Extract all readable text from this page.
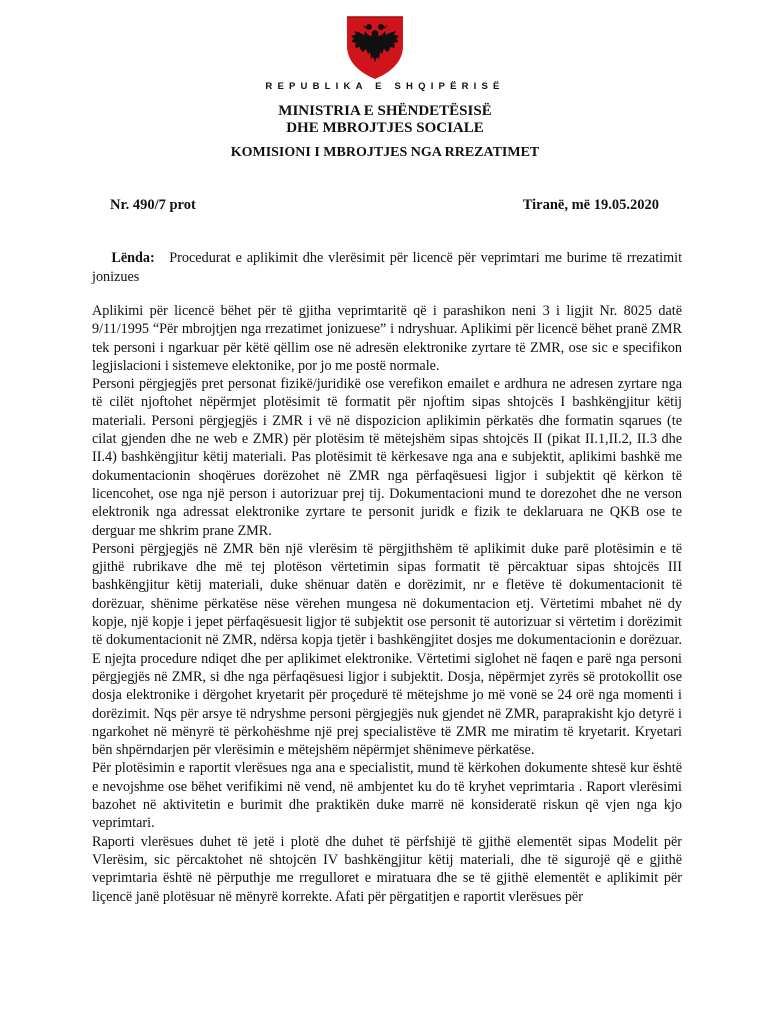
REPUBLIKA E SHQIPËRISË
MINISTRIA E SHËNDETËSISË
DHE MBROJTJES SOCIALE
KOMISIONI I MBROJTJES NGA RREZATIMET
Nr. 490/7 prot	Tiranë, më 19.05.2020
Lënda: Procedurat e aplikimit dhe vlerësimit për licencë për veprimtari me burime të rrezatimit jonizues

Aplikimi për licencë bëhet për të gjitha veprimtaritë që i parashikon neni 3 i ligjit Nr. 8025 datë 9/11/1995 “Për mbrojtjen nga rrezatimet jonizuese” i ndryshuar. Aplikimi për licencë bëhet pranë ZMR tek personi i ngarkuar për këtë qëllim ose në adresën elektronike zyrtare të ZMR, ose sic e specifikon legjislacioni i sistemeve elektonike, por jo me postë normale.

Personi përgjegjës pret personat fizikë/juridikë ose verefikon emailet e ardhura ne adresen zyrtare nga të cilët njoftohet nëpërmjet plotësimit të formatit për njoftim sipas shtojcës I bashkëngjitur këtij materiali. Personi përgjegjës i ZMR i vë në dispozicion aplikimin përkatës dhe formatin sqarues (te cilat gjenden dhe ne web e ZMR) për plotësim të mëtejshëm sipas shtojcës II (pikat II.1,II.2, II.3 dhe II.4) bashkëngjitur këtij materiali. Pas plotësimit të kërkesave nga ana e subjektit, aplikimi bashkë me dokumentacionin shoqërues dorëzohet në ZMR nga përfaqësuesi ligjor i subjektit që kërkon të licencohet, ose nga një person i autorizuar prej tij. Dokumentacioni mund te dorezohet dhe ne verson elektronik nga adressat elektronike zyrtare te personit juridk e fizik te deklaruara ne QKB ose te derguar me shkrim prane ZMR.

Personi përgjegjës në ZMR bën një vlerësim të përgjithshëm të aplikimit duke parë plotësimin e të gjithë rubrikave dhe më tej plotëson vërtetimin sipas formatit të përcaktuar sipas shtojcës III bashkëngjitur këtij materiali, duke shënuar datën e dorëzimit, nr e fletëve të dokumentacionit të dorëzuar, shënime përkatëse nëse vërehen mungesa në dokumentacion etj. Vërtetimi mbahet në dy kopje, një kopje i jepet përfaqësuesit ligjor të subjektit ose personit të autorizuar si vërtetim i dorëzimit të dokumentacionit në ZMR, ndërsa kopja tjetër i bashkëngjitet dosjes me dokumentacionin e dorëzuar. E njejta procedure ndiqet dhe per aplikimet elektronike. Vërtetimi siglohet në faqen e parë nga personi përgjegjës në ZMR, si dhe nga përfaqësuesi ligjor i subjektit. Dosja, nëpërmjet zyrës së protokollit ose dosja elektronike i dërgohet kryetarit për proçedurë të mëtejshme jo më vonë se 24 orë nga momenti i dorëzimit. Nqs për arsye të ndryshme personi përgjegjës nuk gjendet në ZMR, paraprakisht kjo detyrë i ngarkohet në mënyrë të përkohëshme një prej specialistëve të ZMR me miratim të kryetarit. Kryetari bën shpërndarjen për vlerësimin e mëtejshëm nëpërmjet shënimeve përkatëse.

Për plotësimin e raportit vlerësues nga ana e specialistit, mund të kërkohen dokumente shtesë kur është e nevojshme ose bëhet verifikimi në vend, në ambjentet ku do të kryhet veprimtaria . Raport vlerësimi bazohet në aktivitetin e burimit dhe praktikën duke marrë në konsideratë riskun që vjen nga kjo veprimtari.

Raporti vlerësues duhet të jetë i plotë dhe duhet të përfshijë të gjithë elementët sipas Modelit për Vlerësim, sic përcaktohet në shtojcën IV bashkëngjitur këtij materiali, dhe të sigurojë që e gjithë veprimtaria është në përputhje me rregulloret e miratuara dhe se të gjithë elementët e aplikimit për liçencë janë plotësuar në mënyrë korrekte. Afati për përgatitjen e raportit vlerësues për
